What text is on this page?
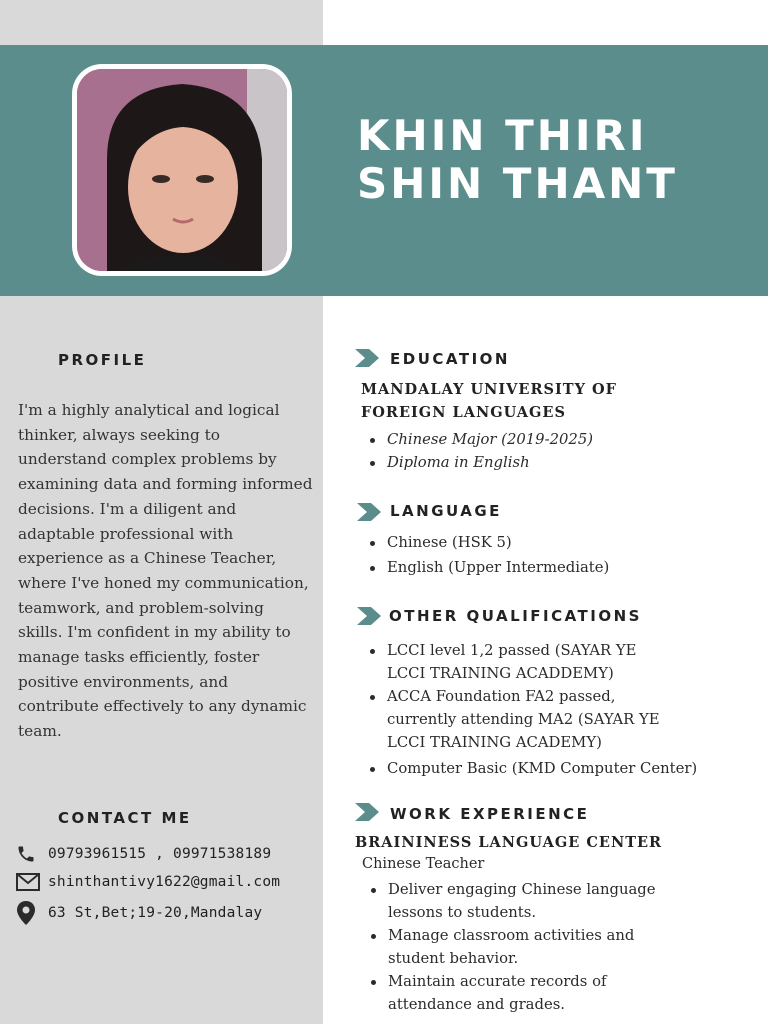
KHIN THIRI
SHIN THANT
PROFILE
I'm a highly analytical and logical thinker, always seeking to understand complex problems by examining data and forming informed decisions. I'm a diligent and adaptable professional with experience as a Chinese Teacher, where I've honed my communication, teamwork, and problem-solving skills. I'm confident in my ability to manage tasks efficiently, foster positive environments, and contribute effectively to any dynamic team.
CONTACT ME
09793961515 , 09971538189
shinthantivy1622@gmail.com
63 St,Bet;19-20,Mandalay
EDUCATION
MANDALAY UNIVERSITY OF
FOREIGN LANGUAGES
Chinese Major (2019-2025)
Diploma in English
LANGUAGE
Chinese (HSK 5)
English (Upper Intermediate)
OTHER QUALIFICATIONS
LCCI level 1,2 passed (SAYAR YE LCCI TRAINING ACADDEMY)
ACCA Foundation FA2 passed, currently attending MA2 (SAYAR YE LCCI TRAINING ACADEMY)
Computer Basic (KMD Computer Center)
WORK EXPERIENCE
BRAININESS LANGUAGE CENTER
Chinese Teacher
Deliver engaging Chinese language lessons to students.
Manage classroom activities and student behavior.
Maintain accurate records of attendance and grades.
